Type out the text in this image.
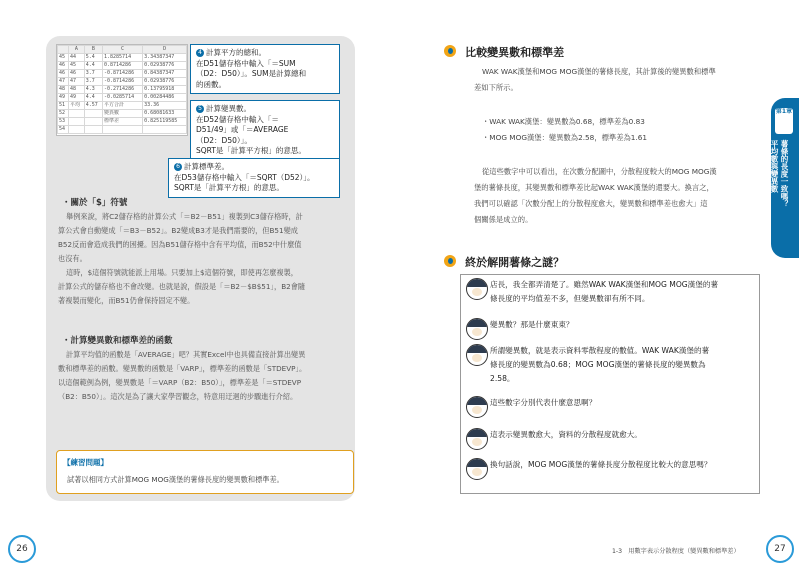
	A	B	C	D
45	44	5.4	1.8285714	3.34387347
46	45	4.4	0.8714286	0.02938776
46	46	3.7	-0.8714286	0.84387347
47	47	3.7	-0.8714286	0.02938776
48	48	4.3	-0.2714286	0.13795918
49	49	4.4	-0.0285714	0.00284486
51	平均	4.57	平方合計	33.36
52			變異數	0.68081633
53			標準差	0.825119585
54				
4 計算平方的總和。
在D51儲存格中輸入「＝SUM
（D2：D50）」。SUM是計算總和
的函數。
5 計算變異數。
在D52儲存格中輸入「＝
D51/49」或「＝AVERAGE
（D2：D50）」。
SQRT是「計算平方根」的意思。
6 計算標準差。
在D53儲存格中輸入「＝SQRT（D52）」。
SQRT是「計算平方根」的意思。
・關於「$」符號
舉例來說，將C2儲存格的計算公式「＝B2－B51」複製到C3儲存格時，計
算公式會自動變成「＝B3－B52」。B2變成B3才是我們需要的，但B51變成
B52反而會造成我們的困擾。因為B51儲存格中含有平均值，而B52中什麼值
也沒有。
這時，$這個符號就能派上用場。只要加上$這個符號，即使再怎麼複製，
計算公式的儲存格也不會改變。也就是說，假設是「＝B2－$B$51」，B2會隨
著複製而變化，而B51仍會保持固定不變。
・計算變異數和標準差的函數
計算平均值的函數是「AVERAGE」吧？其實Excel中也具備直接計算出變異
數和標準差的函數。變異數的函數是「VARP」，標準差的函數是「STDEVP」。
以這個範例為例，變異數是「＝VARP（B2：B50）」，標準差是「＝STDEVP
（B2：B50）」。這次是為了讓大家學習觀念，特意用迂迴的步驟進行介紹。
【練習問題】
試著以相同方式計算MOG MOG漢堡的薯條長度的變異數和標準差。
26
比較變異數和標準差
WAK WAK漢堡和MOG MOG漢堡的薯條長度，其計算後的變異數和標準
差如下所示。
・WAK WAK漢堡：變異數為0.68，標準差為0.83
・MOG MOG漢堡：變異數為2.58，標準差為1.61
從這些數字中可以看出，在次數分配圖中，分散程度較大的MOG MOG漢
堡的薯條長度，其變異數和標準差比起WAK WAK漢堡的還要大。換言之，
我們可以確認「次數分配上的分散程度愈大，變異數和標準差也愈大」這
個關係是成立的。
終於解開薯條之謎？
店長，我全都弄清楚了。雖然WAK WAK漢堡和MOG MOG漢堡的薯
條長度的平均值差不多，但變異數卻有所不同。
變異數？那是什麼東東？
所謂變異數，就是表示資料零散程度的數值。WAK WAK漢堡的薯
條長度的變異數為0.68；MOG MOG漢堡的薯條長度的變異數為
2.58。
這些數字分別代表什麼意思啊？
這表示變異數愈大，資料的分散程度就愈大。
換句話說，MOG MOG漢堡的薯條長度分散程度比較大的意思嗎？
第1章
薯條的長度一致嗎？
平均數與變異數
1-3　用數字表示分散程度（變異數和標準差）	27
